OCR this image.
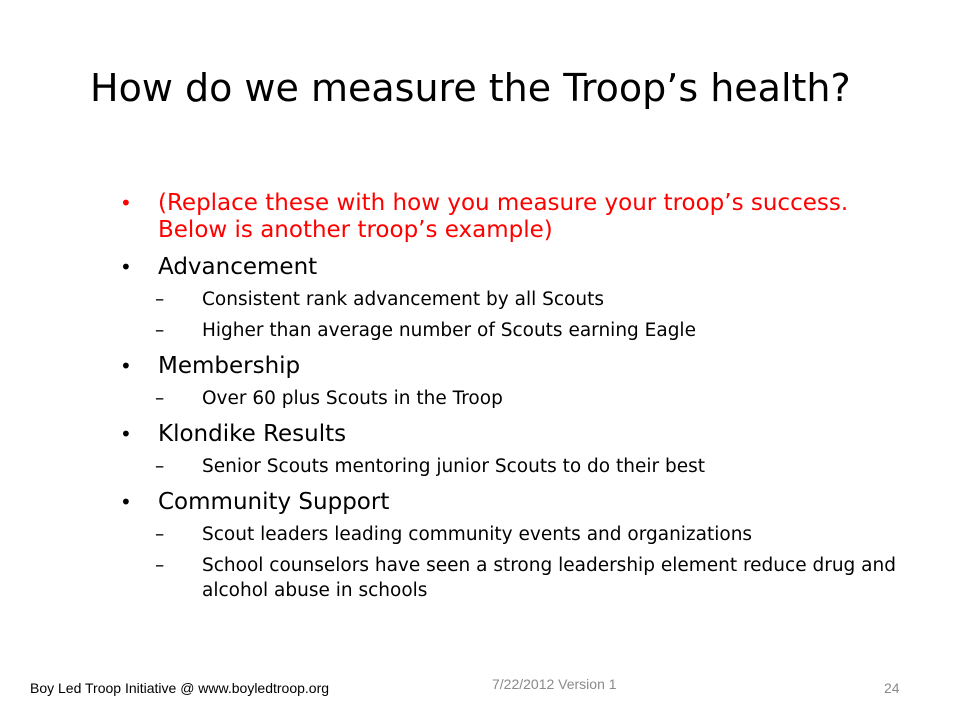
How do we measure the Troop’s health?
• (Replace these with how you measure your troop’s success. Below is another troop’s example)
• Advancement
– Consistent rank advancement by all Scouts
– Higher than average number of Scouts earning Eagle
• Membership
– Over 60 plus Scouts in the Troop
• Klondike Results
– Senior Scouts mentoring junior Scouts to do their best
• Community Support
– Scout leaders leading community events and organizations
– School counselors have seen a strong leadership element reduce drug and alcohol abuse in schools
Boy Led Troop Initiative @ www.boyledtroop.org	7/22/2012 Version 1	24
